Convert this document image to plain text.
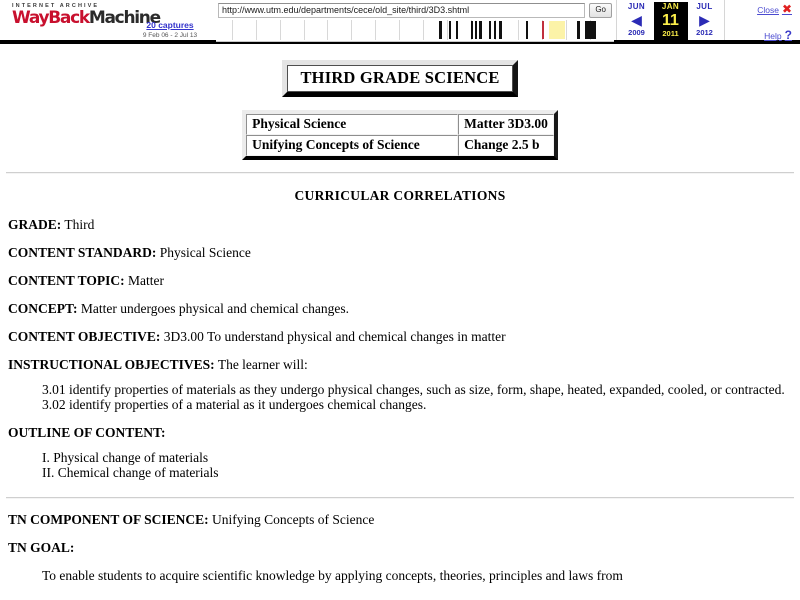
INTERNET ARCHIVE
WayBackMachine
20 captures
9 Feb 06 - 2 Jul 13
http://www.utm.edu/departments/cece/old_site/third/3D3.shtml	Go	JUN
◀
2009
JAN
11
2011
JUL
▶
2012
Close ✖
Help ?
THIRD GRADE SCIENCE
Physical Science	Matter 3D3.00
Unifying Concepts of Science	Change 2.5 b
CURRICULAR CORRELATIONS

GRADE: Third

CONTENT STANDARD: Physical Science

CONTENT TOPIC: Matter

CONCEPT: Matter undergoes physical and chemical changes.

CONTENT OBJECTIVE: 3D3.00 To understand physical and chemical changes in matter

INSTRUCTIONAL OBJECTIVES: The learner will:

3.01 identify properties of materials as they undergo physical changes, such as size, form, shape, heated, expanded, cooled, or contracted.
3.02 identify properties of a material as it undergoes chemical changes.

OUTLINE OF CONTENT:

I. Physical change of materials
II. Chemical change of materials

TN COMPONENT OF SCIENCE: Unifying Concepts of Science

TN GOAL:

To enable students to acquire scientific knowledge by applying concepts, theories, principles and laws from
